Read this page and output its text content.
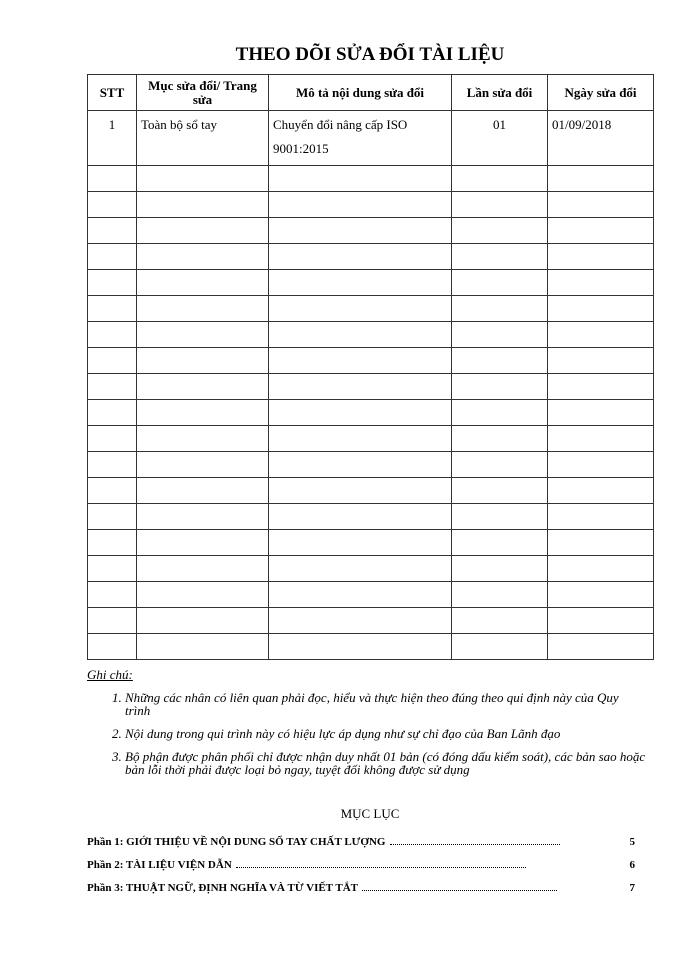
THEO DÕI SỬA ĐỔI TÀI LIỆU
STT	Mục sửa đổi/ Trang sửa	Mô tả nội dung sửa đổi	Lần sửa đổi	Ngày sửa đổi
1	Toàn bộ sổ tay	Chuyển đổi nâng cấp ISO 9001:2015	01	01/09/2018

Ghi chú:
1. Những các nhân có liên quan phải đọc, hiểu và thực hiện theo đúng theo qui định này của Quy trình
2. Nội dung trong qui trình này có hiệu lực áp dụng như sự chỉ đạo của Ban Lãnh đạo
3. Bộ phận được phân phối chỉ được nhận duy nhất 01 bản (có đóng dấu kiểm soát), các bản sao hoặc bản lỗi thời phải được loại bỏ ngay, tuyệt đối không được sử dụng
MỤC LỤC
Phần 1: GIỚI THIỆU VỀ NỘI DUNG SỔ TAY CHẤT LƯỢNG	5
Phần 2: TÀI LIỆU VIỆN DẪN	6
Phần 3: THUẬT NGỮ, ĐỊNH NGHĨA VÀ TỪ VIẾT TẮT	7
